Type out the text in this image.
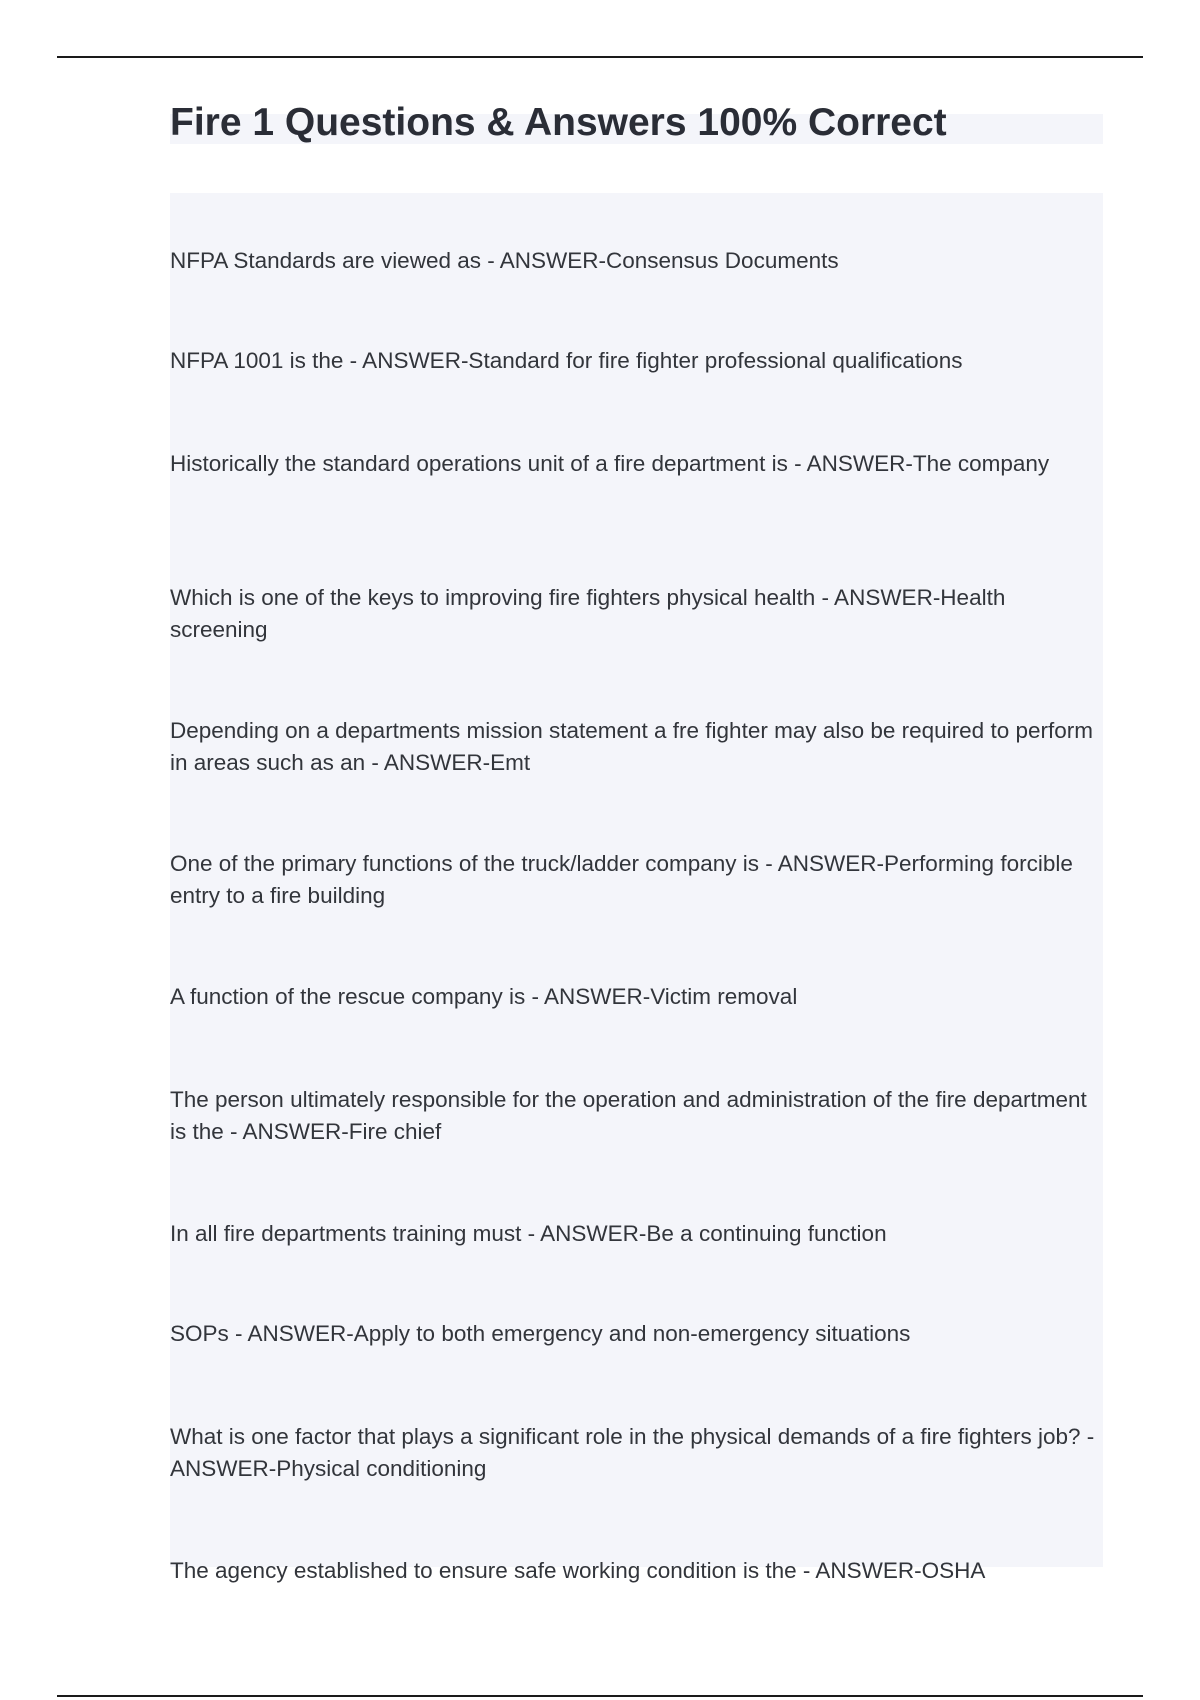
Fire 1 Questions & Answers 100% Correct

NFPA Standards are viewed as - ANSWER-Consensus Documents

NFPA 1001 is the - ANSWER-Standard for fire fighter professional qualifications

Historically the standard operations unit of a fire department is - ANSWER-The company

Which is one of the keys to improving fire fighters physical health - ANSWER-Health screening

Depending on a departments mission statement a fre fighter may also be required to perform in areas such as an - ANSWER-Emt

One of the primary functions of the truck/ladder company is - ANSWER-Performing forcible entry to a fire building

A function of the rescue company is - ANSWER-Victim removal

The person ultimately responsible for the operation and administration of the fire department is the - ANSWER-Fire chief

In all fire departments training must - ANSWER-Be a continuing function

SOPs - ANSWER-Apply to both emergency and non-emergency situations

What is one factor that plays a significant role in the physical demands of a fire fighters job? - ANSWER-Physical conditioning

The agency established to ensure safe working condition is the - ANSWER-OSHA
